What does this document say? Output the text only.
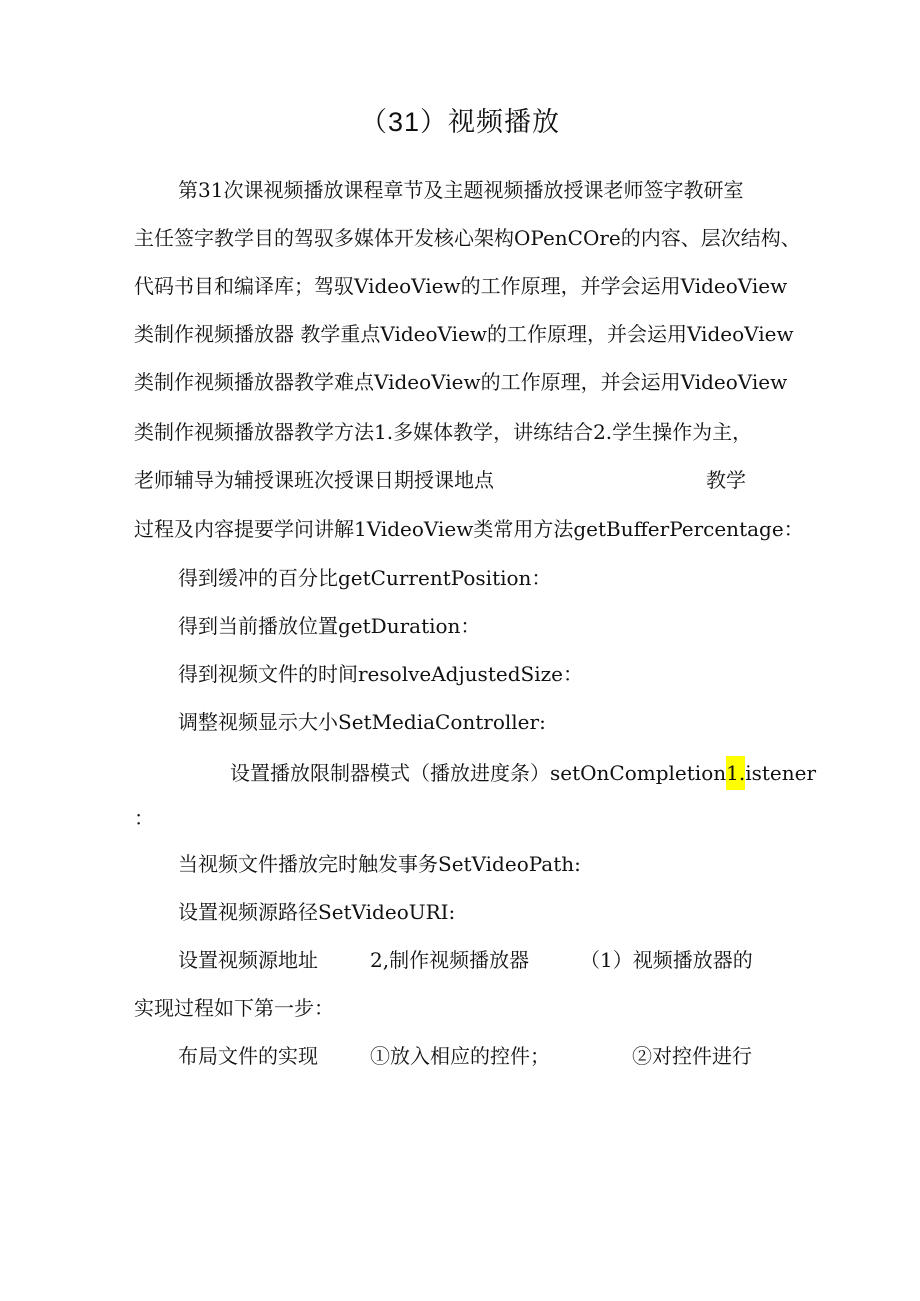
（31）视频播放
第31次课视频播放课程章节及主题视频播放授课老师签字教研室
主任签字教学目的驾驭多媒体开发核心架构OPenCOre的内容、层次结构、
代码书目和编译库；驾驭VideoView的工作原理，并学会运用VideoView
类制作视频播放器 教学重点VideoView的工作原理，并会运用VideoView
类制作视频播放器教学难点VideoView的工作原理，并会运用VideoView
类制作视频播放器教学方法1.多媒体教学，讲练结合2.学生操作为主，
老师辅导为辅授课班次授课日期授课地点	教学
过程及内容提要学问讲解1VideoView类常用方法getBufferPercentage：
得到缓冲的百分比getCurrentPosition：
得到当前播放位置getDuration：
得到视频文件的时间resolveAdjustedSize：
调整视频显示大小SetMediaController:
设置播放限制器模式（播放进度条）setOnCompletion1.istener
：
当视频文件播放完时触发事务SetVideoPath:
设置视频源路径SetVideoURI:
设置视频源地址	2,制作视频播放器	（1）视频播放器的
实现过程如下第一步：
布局文件的实现	①放入相应的控件；	②对控件进行
